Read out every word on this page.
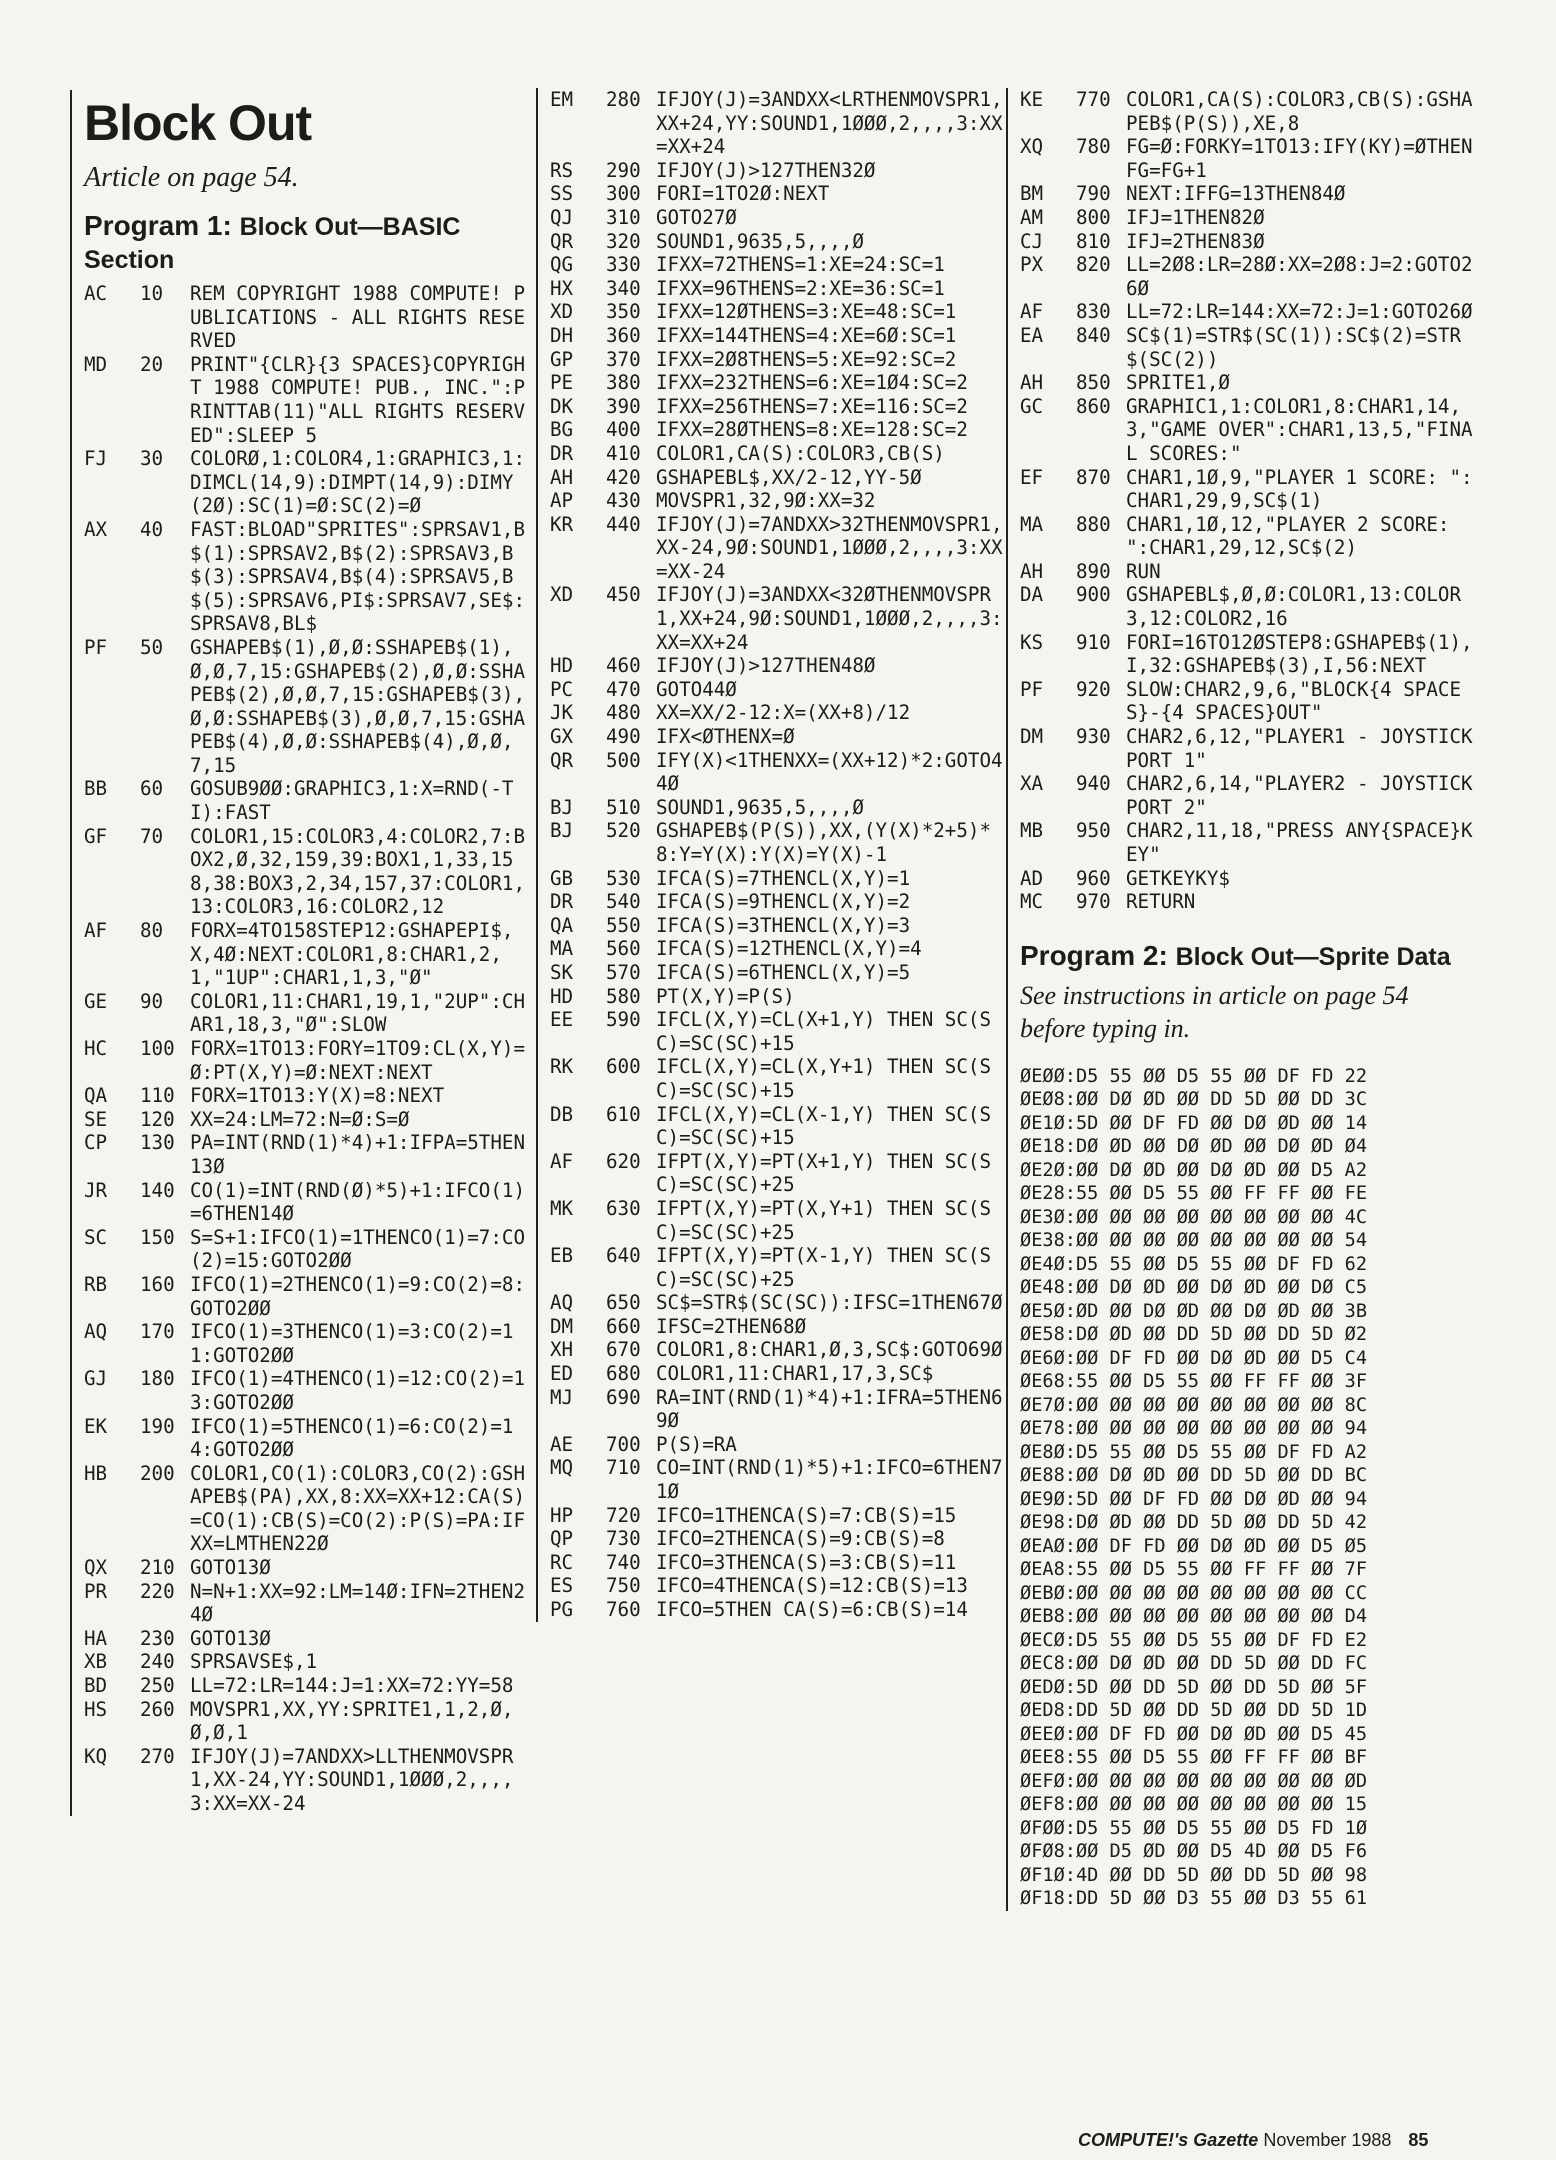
Block Out
Article on page 54.
Program 1: Block Out—BASIC Section
AC	10	REM COPYRIGHT 1988 COMPUTE! PUBLICATIONS - ALL RIGHTS RESERVED
MD	20	PRINT"{CLR}{3 SPACES}COPYRIGHT 1988 COMPUTE! PUB., INC.":PRINTTAB(11)"ALL RIGHTS RESERVED":SLEEP 5
FJ	30	COLORØ,1:COLOR4,1:GRAPHIC3,1:DIMCL(14,9):DIMPT(14,9):DIMY(2Ø):SC(1)=Ø:SC(2)=Ø
AX	40	FAST:BLOAD"SPRITES":SPRSAV1,B$(1):SPRSAV2,B$(2):SPRSAV3,B$(3):SPRSAV4,B$(4):SPRSAV5,B$(5):SPRSAV6,PI$:SPRSAV7,SE$:SPRSAV8,BL$
PF	50	GSHAPEB$(1),Ø,Ø:SSHAPEB$(1),Ø,Ø,7,15:GSHAPEB$(2),Ø,Ø:SSHAPEB$(2),Ø,Ø,7,15:GSHAPEB$(3),Ø,Ø:SSHAPEB$(3),Ø,Ø,7,15:GSHAPEB$(4),Ø,Ø:SSHAPEB$(4),Ø,Ø,7,15
BB	60	GOSUB9ØØ:GRAPHIC3,1:X=RND(-TI):FAST
GF	70	COLOR1,15:COLOR3,4:COLOR2,7:BOX2,Ø,32,159,39:BOX1,1,33,158,38:BOX3,2,34,157,37:COLOR1,13:COLOR3,16:COLOR2,12
AF	80	FORX=4TO158STEP12:GSHAPEPI$,X,4Ø:NEXT:COLOR1,8:CHAR1,2,1,"1UP":CHAR1,1,3,"Ø"
GE	90	COLOR1,11:CHAR1,19,1,"2UP":CHAR1,18,3,"Ø":SLOW
HC	100 FORX=1TO13:FORY=1TO9:CL(X,Y)=Ø:PT(X,Y)=Ø:NEXT:NEXT
QA	110 FORX=1TO13:Y(X)=8:NEXT
SE	120 XX=24:LM=72:N=Ø:S=Ø
CP	130 PA=INT(RND(1)*4)+1:IFPA=5THEN13Ø
JR	140 CO(1)=INT(RND(Ø)*5)+1:IFCO(1)=6THEN14Ø
SC	150 S=S+1:IFCO(1)=1THENCO(1)=7:CO(2)=15:GOTO2ØØ
RB	160 IFCO(1)=2THENCO(1)=9:CO(2)=8:GOTO2ØØ
AQ	170 IFCO(1)=3THENCO(1)=3:CO(2)=11:GOTO2ØØ
GJ	180 IFCO(1)=4THENCO(1)=12:CO(2)=13:GOTO2ØØ
EK	190 IFCO(1)=5THENCO(1)=6:CO(2)=14:GOTO2ØØ
HB	200 COLOR1,CO(1):COLOR3,CO(2):GSHAPEB$(PA),XX,8:XX=XX+12:CA(S)=CO(1):CB(S)=CO(2):P(S)=PA:IFXX=LMTHEN22Ø
QX	210 GOTO13Ø
PR	220 N=N+1:XX=92:LM=14Ø:IFN=2THEN24Ø
HA	230 GOTO13Ø
XB	240 SPRSAVSE$,1
BD	250 LL=72:LR=144:J=1:XX=72:YY=58
HS	260 MOVSPR1,XX,YY:SPRITE1,1,2,Ø,Ø,Ø,1
KQ	270 IFJOY(J)=7ANDXX>LLTHENMOVSPR1,XX-24,YY:SOUND1,1ØØØ,2,,,,3:XX=XX-24
EM	280 IFJOY(J)=3ANDXX<LRTHENMOVSPR1,XX+24,YY:SOUND1,1ØØØ,2,,,,3:XX=XX+24
RS	290 IFJOY(J)>127THEN32Ø
SS	300 FORI=1TO2Ø:NEXT
QJ	310 GOTO27Ø
QR	320 SOUND1,9635,5,,,,Ø
QG	330 IFXX=72THENS=1:XE=24:SC=1
HX	340 IFXX=96THENS=2:XE=36:SC=1
XD	350 IFXX=12ØTHENS=3:XE=48:SC=1
DH	360 IFXX=144THENS=4:XE=6Ø:SC=1
GP	370 IFXX=2Ø8THENS=5:XE=92:SC=2
PE	380 IFXX=232THENS=6:XE=1Ø4:SC=2
DK	390 IFXX=256THENS=7:XE=116:SC=2
BG	400 IFXX=28ØTHENS=8:XE=128:SC=2
DR	410 COLOR1,CA(S):COLOR3,CB(S)
AH	420 GSHAPEBL$,XX/2-12,YY-5Ø
AP	430 MOVSPR1,32,9Ø:XX=32
KR	440 IFJOY(J)=7ANDXX>32THENMOVSPR1,XX-24,9Ø:SOUND1,1ØØØ,2,,,,3:XX=XX-24
XD	450 IFJOY(J)=3ANDXX<32ØTHENMOVSPR1,XX+24,9Ø:SOUND1,1ØØØ,2,,,,3:XX=XX+24
HD	460 IFJOY(J)>127THEN48Ø
PC	470 GOTO44Ø
JK	480 XX=XX/2-12:X=(XX+8)/12
GX	490 IFX<ØTHENX=Ø
QR	500 IFY(X)<1THENXX=(XX+12)*2:GOTO44Ø
BJ	510 SOUND1,9635,5,,,,Ø
BJ	520 GSHAPEB$(P(S)),XX,(Y(X)*2+5)*8:Y=Y(X):Y(X)=Y(X)-1
GB	530 IFCA(S)=7THENCL(X,Y)=1
DR	540 IFCA(S)=9THENCL(X,Y)=2
QA	550 IFCA(S)=3THENCL(X,Y)=3
MA	560 IFCA(S)=12THENCL(X,Y)=4
SK	570 IFCA(S)=6THENCL(X,Y)=5
HD	580 PT(X,Y)=P(S)
EE	590 IFCL(X,Y)=CL(X+1,Y) THEN SC(SC)=SC(SC)+15
RK	600 IFCL(X,Y)=CL(X,Y+1) THEN SC(SC)=SC(SC)+15
DB	610 IFCL(X,Y)=CL(X-1,Y) THEN SC(SC)=SC(SC)+15
AF	620 IFPT(X,Y)=PT(X+1,Y) THEN SC(SC)=SC(SC)+25
MK	630 IFPT(X,Y)=PT(X,Y+1) THEN SC(SC)=SC(SC)+25
EB	640 IFPT(X,Y)=PT(X-1,Y) THEN SC(SC)=SC(SC)+25
AQ	650 SC$=STR$(SC(SC)):IFSC=1THEN67Ø
DM	660 IFSC=2THEN68Ø
XH	670 COLOR1,8:CHAR1,Ø,3,SC$:GOTO69Ø
ED	680 COLOR1,11:CHAR1,17,3,SC$
MJ	690 RA=INT(RND(1)*4)+1:IFRA=5THEN69Ø
AE	700 P(S)=RA
MQ	710 CO=INT(RND(1)*5)+1:IFCO=6THEN71Ø
HP	720 IFCO=1THENCA(S)=7:CB(S)=15
QP	730 IFCO=2THENCA(S)=9:CB(S)=8
RC	740 IFCO=3THENCA(S)=3:CB(S)=11
ES	750 IFCO=4THENCA(S)=12:CB(S)=13
PG	760 IFCO=5THEN CA(S)=6:CB(S)=14
KE	770 COLOR1,CA(S):COLOR3,CB(S):GSHAPEB$(P(S)),XE,8
XQ	780 FG=Ø:FORKY=1TO13:IFY(KY)=ØTHENFG=FG+1
BM	790 NEXT:IFFG=13THEN84Ø
AM	800 IFJ=1THEN82Ø
CJ	810 IFJ=2THEN83Ø
PX	820 LL=2Ø8:LR=28Ø:XX=2Ø8:J=2:GOTO26Ø
AF	830 LL=72:LR=144:XX=72:J=1:GOTO26Ø
EA	840 SC$(1)=STR$(SC(1)):SC$(2)=STR$(SC(2))
AH	850 SPRITE1,Ø
GC	860 GRAPHIC1,1:COLOR1,8:CHAR1,14,3,"GAME OVER":CHAR1,13,5,"FINAL SCORES:"
EF	870 CHAR1,1Ø,9,"PLAYER 1 SCORE: ":CHAR1,29,9,SC$(1)
MA	880 CHAR1,1Ø,12,"PLAYER 2 SCORE: ":CHAR1,29,12,SC$(2)
AH	890 RUN
DA	900 GSHAPEBL$,Ø,Ø:COLOR1,13:COLOR3,12:COLOR2,16
KS	910 FORI=16TO12ØSTEP8:GSHAPEB$(1),I,32:GSHAPEB$(3),I,56:NEXT
PF	920 SLOW:CHAR2,9,6,"BLOCK{4 SPACES}-{4 SPACES}OUT"
DM	930 CHAR2,6,12,"PLAYER1 - JOYSTICK PORT 1"
XA	940 CHAR2,6,14,"PLAYER2 - JOYSTICK PORT 2"
MB	950 CHAR2,11,18,"PRESS ANY{SPACE}KEY"
AD	960 GETKEYKY$
MC	970 RETURN
Program 2: Block Out—Sprite Data
See instructions in article on page 54 before typing in.
ØEØØ:D5 55 ØØ D5 55 ØØ DF FD 22
ØEØ8:ØØ DØ ØD ØØ DD 5D ØØ DD 3C
ØE1Ø:5D ØØ DF FD ØØ DØ ØD ØØ 14
ØE18:DØ ØD ØØ DØ ØD ØØ DØ ØD Ø4
ØE2Ø:ØØ DØ ØD ØØ DØ ØD ØØ D5 A2
ØE28:55 ØØ D5 55 ØØ FF FF ØØ FE
ØE3Ø:ØØ ØØ ØØ ØØ ØØ ØØ ØØ ØØ 4C
ØE38:ØØ ØØ ØØ ØØ ØØ ØØ ØØ ØØ 54
ØE4Ø:D5 55 ØØ D5 55 ØØ DF FD 62
ØE48:ØØ DØ ØD ØØ DØ ØD ØØ DØ C5
ØE5Ø:ØD ØØ DØ ØD ØØ DØ ØD ØØ 3B
ØE58:DØ ØD ØØ DD 5D ØØ DD 5D Ø2
ØE6Ø:ØØ DF FD ØØ DØ ØD ØØ D5 C4
ØE68:55 ØØ D5 55 ØØ FF FF ØØ 3F
ØE7Ø:ØØ ØØ ØØ ØØ ØØ ØØ ØØ ØØ 8C
ØE78:ØØ ØØ ØØ ØØ ØØ ØØ ØØ ØØ 94
ØE8Ø:D5 55 ØØ D5 55 ØØ DF FD A2
ØE88:ØØ DØ ØD ØØ DD 5D ØØ DD BC
ØE9Ø:5D ØØ DF FD ØØ DØ ØD ØØ 94
ØE98:DØ ØD ØØ DD 5D ØØ DD 5D 42
ØEAØ:ØØ DF FD ØØ DØ ØD ØØ D5 Ø5
ØEA8:55 ØØ D5 55 ØØ FF FF ØØ 7F
ØEBØ:ØØ ØØ ØØ ØØ ØØ ØØ ØØ ØØ CC
ØEB8:ØØ ØØ ØØ ØØ ØØ ØØ ØØ ØØ D4
ØECØ:D5 55 ØØ D5 55 ØØ DF FD E2
ØEC8:ØØ DØ ØD ØØ DD 5D ØØ DD FC
ØEDØ:5D ØØ DD 5D ØØ DD 5D ØØ 5F
ØED8:DD 5D ØØ DD 5D ØØ DD 5D 1D
ØEEØ:ØØ DF FD ØØ DØ ØD ØØ D5 45
ØEE8:55 ØØ D5 55 ØØ FF FF ØØ BF
ØEFØ:ØØ ØØ ØØ ØØ ØØ ØØ ØØ ØØ ØD
ØEF8:ØØ ØØ ØØ ØØ ØØ ØØ ØØ ØØ 15
ØFØØ:D5 55 ØØ D5 55 ØØ D5 FD 1Ø
ØFØ8:ØØ D5 ØD ØØ D5 4D ØØ D5 F6
ØF1Ø:4D ØØ DD 5D ØØ DD 5D ØØ 98
ØF18:DD 5D ØØ D3 55 ØØ D3 55 61
COMPUTE!'s Gazette November 1988 85
